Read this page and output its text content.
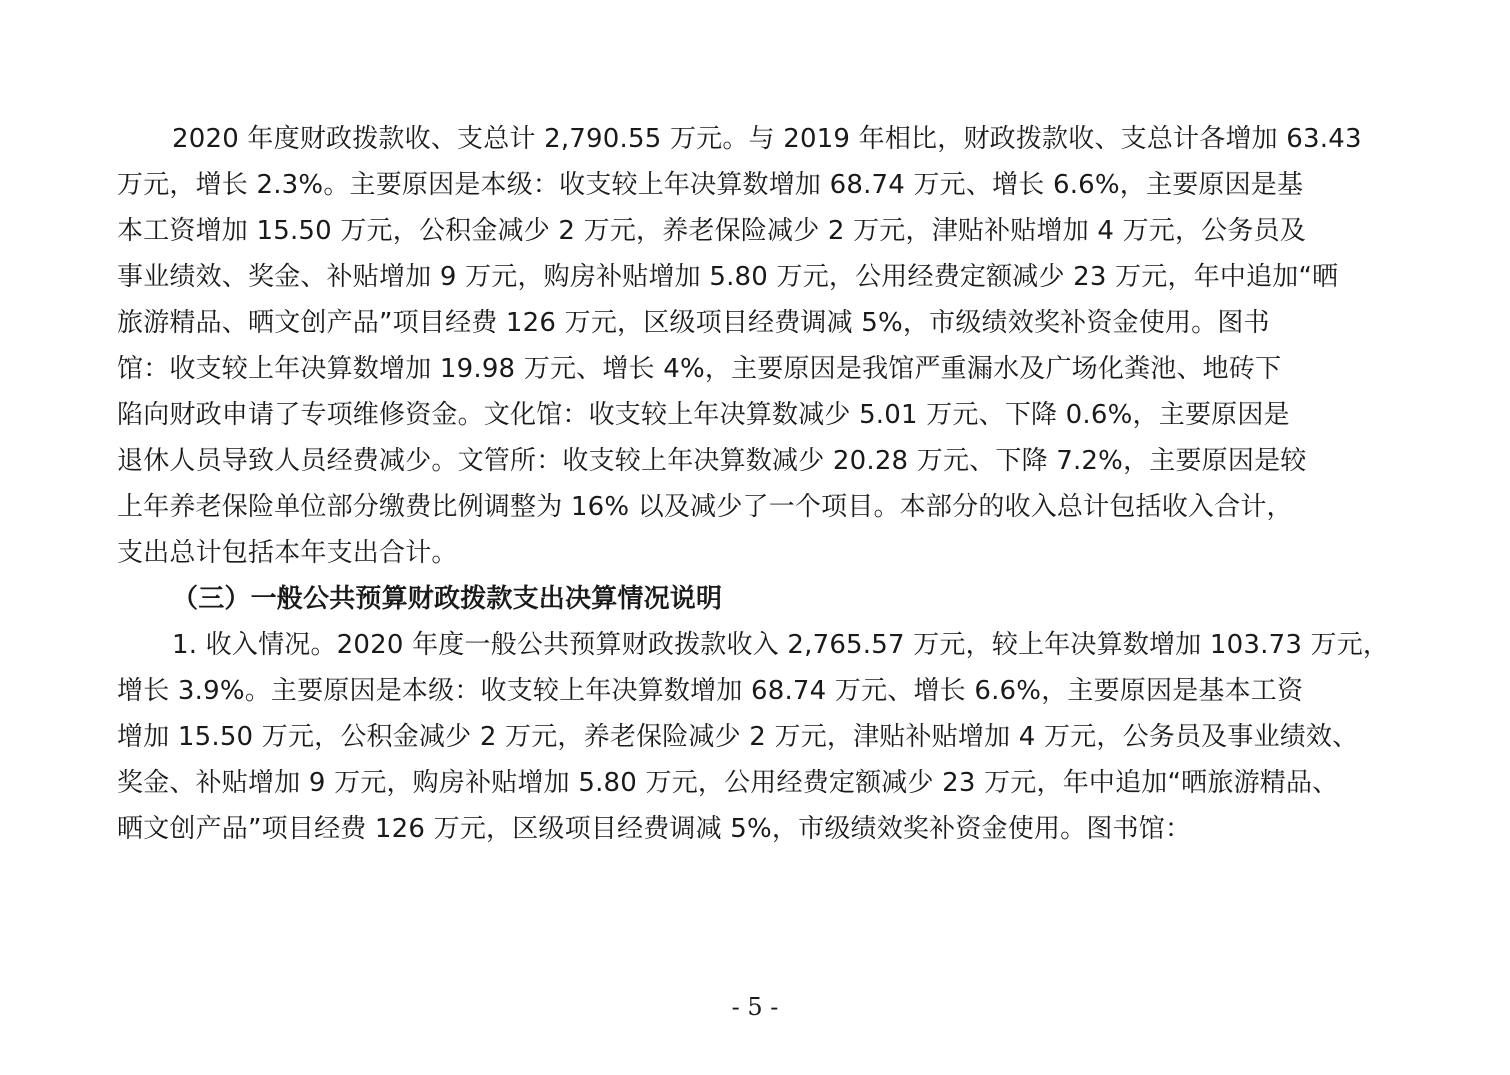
2020 年度财政拨款收、支总计 2,790.55 万元。与 2019 年相比，财政拨款收、支总计各增加 63.43
万元，增长 2.3%。主要原因是本级：收支较上年决算数增加 68.74 万元、增长 6.6%，主要原因是基
本工资增加 15.50 万元，公积金减少 2 万元，养老保险减少 2 万元，津贴补贴增加 4 万元，公务员及
事业绩效、奖金、补贴增加 9 万元，购房补贴增加 5.80 万元，公用经费定额减少 23 万元，年中追加“晒
旅游精品、晒文创产品”项目经费 126 万元，区级项目经费调减 5%，市级绩效奖补资金使用。图书
馆：收支较上年决算数增加 19.98 万元、增长 4%，主要原因是我馆严重漏水及广场化粪池、地砖下
陷向财政申请了专项维修资金。文化馆：收支较上年决算数减少 5.01 万元、下降 0.6%，主要原因是
退休人员导致人员经费减少。文管所：收支较上年决算数减少 20.28 万元、下降 7.2%，主要原因是较
上年养老保险单位部分缴费比例调整为 16% 以及减少了一个项目。本部分的收入总计包括收入合计，
支出总计包括本年支出合计。
（三）一般公共预算财政拨款支出决算情况说明
1. 收入情况。2020 年度一般公共预算财政拨款收入 2,765.57 万元，较上年决算数增加 103.73 万元，
增长 3.9%。主要原因是本级：收支较上年决算数增加 68.74 万元、增长 6.6%，主要原因是基本工资
增加 15.50 万元，公积金减少 2 万元，养老保险减少 2 万元，津贴补贴增加 4 万元，公务员及事业绩效、
奖金、补贴增加 9 万元，购房补贴增加 5.80 万元，公用经费定额减少 23 万元，年中追加“晒旅游精品、
晒文创产品”项目经费 126 万元，区级项目经费调减 5%，市级绩效奖补资金使用。图书馆：
- 5 -
